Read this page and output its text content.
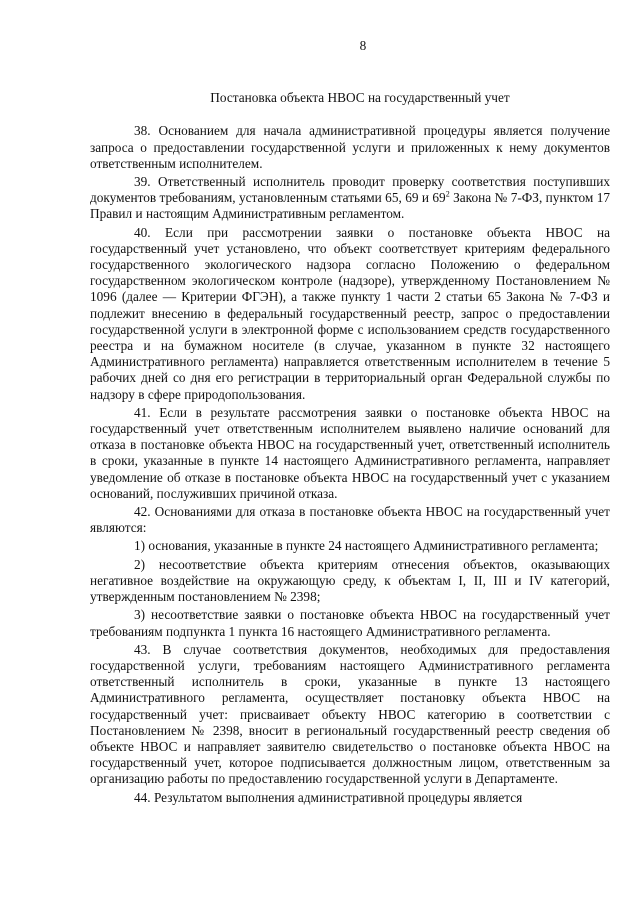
8
Постановка объекта НВОС на государственный учет

38. Основанием для начала административной процедуры является получение запроса о предоставлении государственной услуги и приложенных к нему документов ответственным исполнителем.

39. Ответственный исполнитель проводит проверку соответствия поступивших документов требованиям, установленным статьями 65, 69 и $69^2$ Закона № 7-ФЗ, пунктом 17 Правил и настоящим Административным регламентом.

40. Если при рассмотрении заявки о постановке объекта НВОС на государственный учет установлено, что объект соответствует критериям федерального государственного экологического надзора согласно Положению о федеральном государственном экологическом контроле (надзоре), утвержденному Постановлением № 1096 (далее — Критерии ФГЭН), а также пункту 1 части 2 статьи 65 Закона № 7-ФЗ и подлежит внесению в федеральный государственный реестр, запрос о предоставлении государственной услуги в электронной форме с использованием средств государственного реестра и на бумажном носителе (в случае, указанном в пункте 32 настоящего Административного регламента) направляется ответственным исполнителем в течение 5 рабочих дней со дня его регистрации в территориальный орган Федеральной службы по надзору в сфере природопользования.

41. Если в результате рассмотрения заявки о постановке объекта НВОС на государственный учет ответственным исполнителем выявлено наличие оснований для отказа в постановке объекта НВОС на государственный учет, ответственный исполнитель в сроки, указанные в пункте 14 настоящего Административного регламента, направляет уведомление об отказе в постановке объекта НВОС на государственный учет с указанием оснований, послуживших причиной отказа.

42. Основаниями для отказа в постановке объекта НВОС на государственный учет являются:

1) основания, указанные в пункте 24 настоящего Административного регламента;

2) несоответствие объекта критериям отнесения объектов, оказывающих негативное воздействие на окружающую среду, к объектам I, II, III и IV категорий, утвержденным постановлением № 2398;

3) несоответствие заявки о постановке объекта НВОС на государственный учет требованиям подпункта 1 пункта 16 настоящего Административного регламента.

43. В случае соответствия документов, необходимых для предоставления государственной услуги, требованиям настоящего Административного регламента ответственный исполнитель в сроки, указанные в пункте 13 настоящего Административного регламента, осуществляет постановку объекта НВОС на государственный учет: присваивает объекту НВОС категорию в соответствии с Постановлением № 2398, вносит в региональный государственный реестр сведения об объекте НВОС и направляет заявителю свидетельство о постановке объекта НВОС на государственный учет, которое подписывается должностным лицом, ответственным за организацию работы по предоставлению государственной услуги в Департаменте.

44. Результатом выполнения административной процедуры является
